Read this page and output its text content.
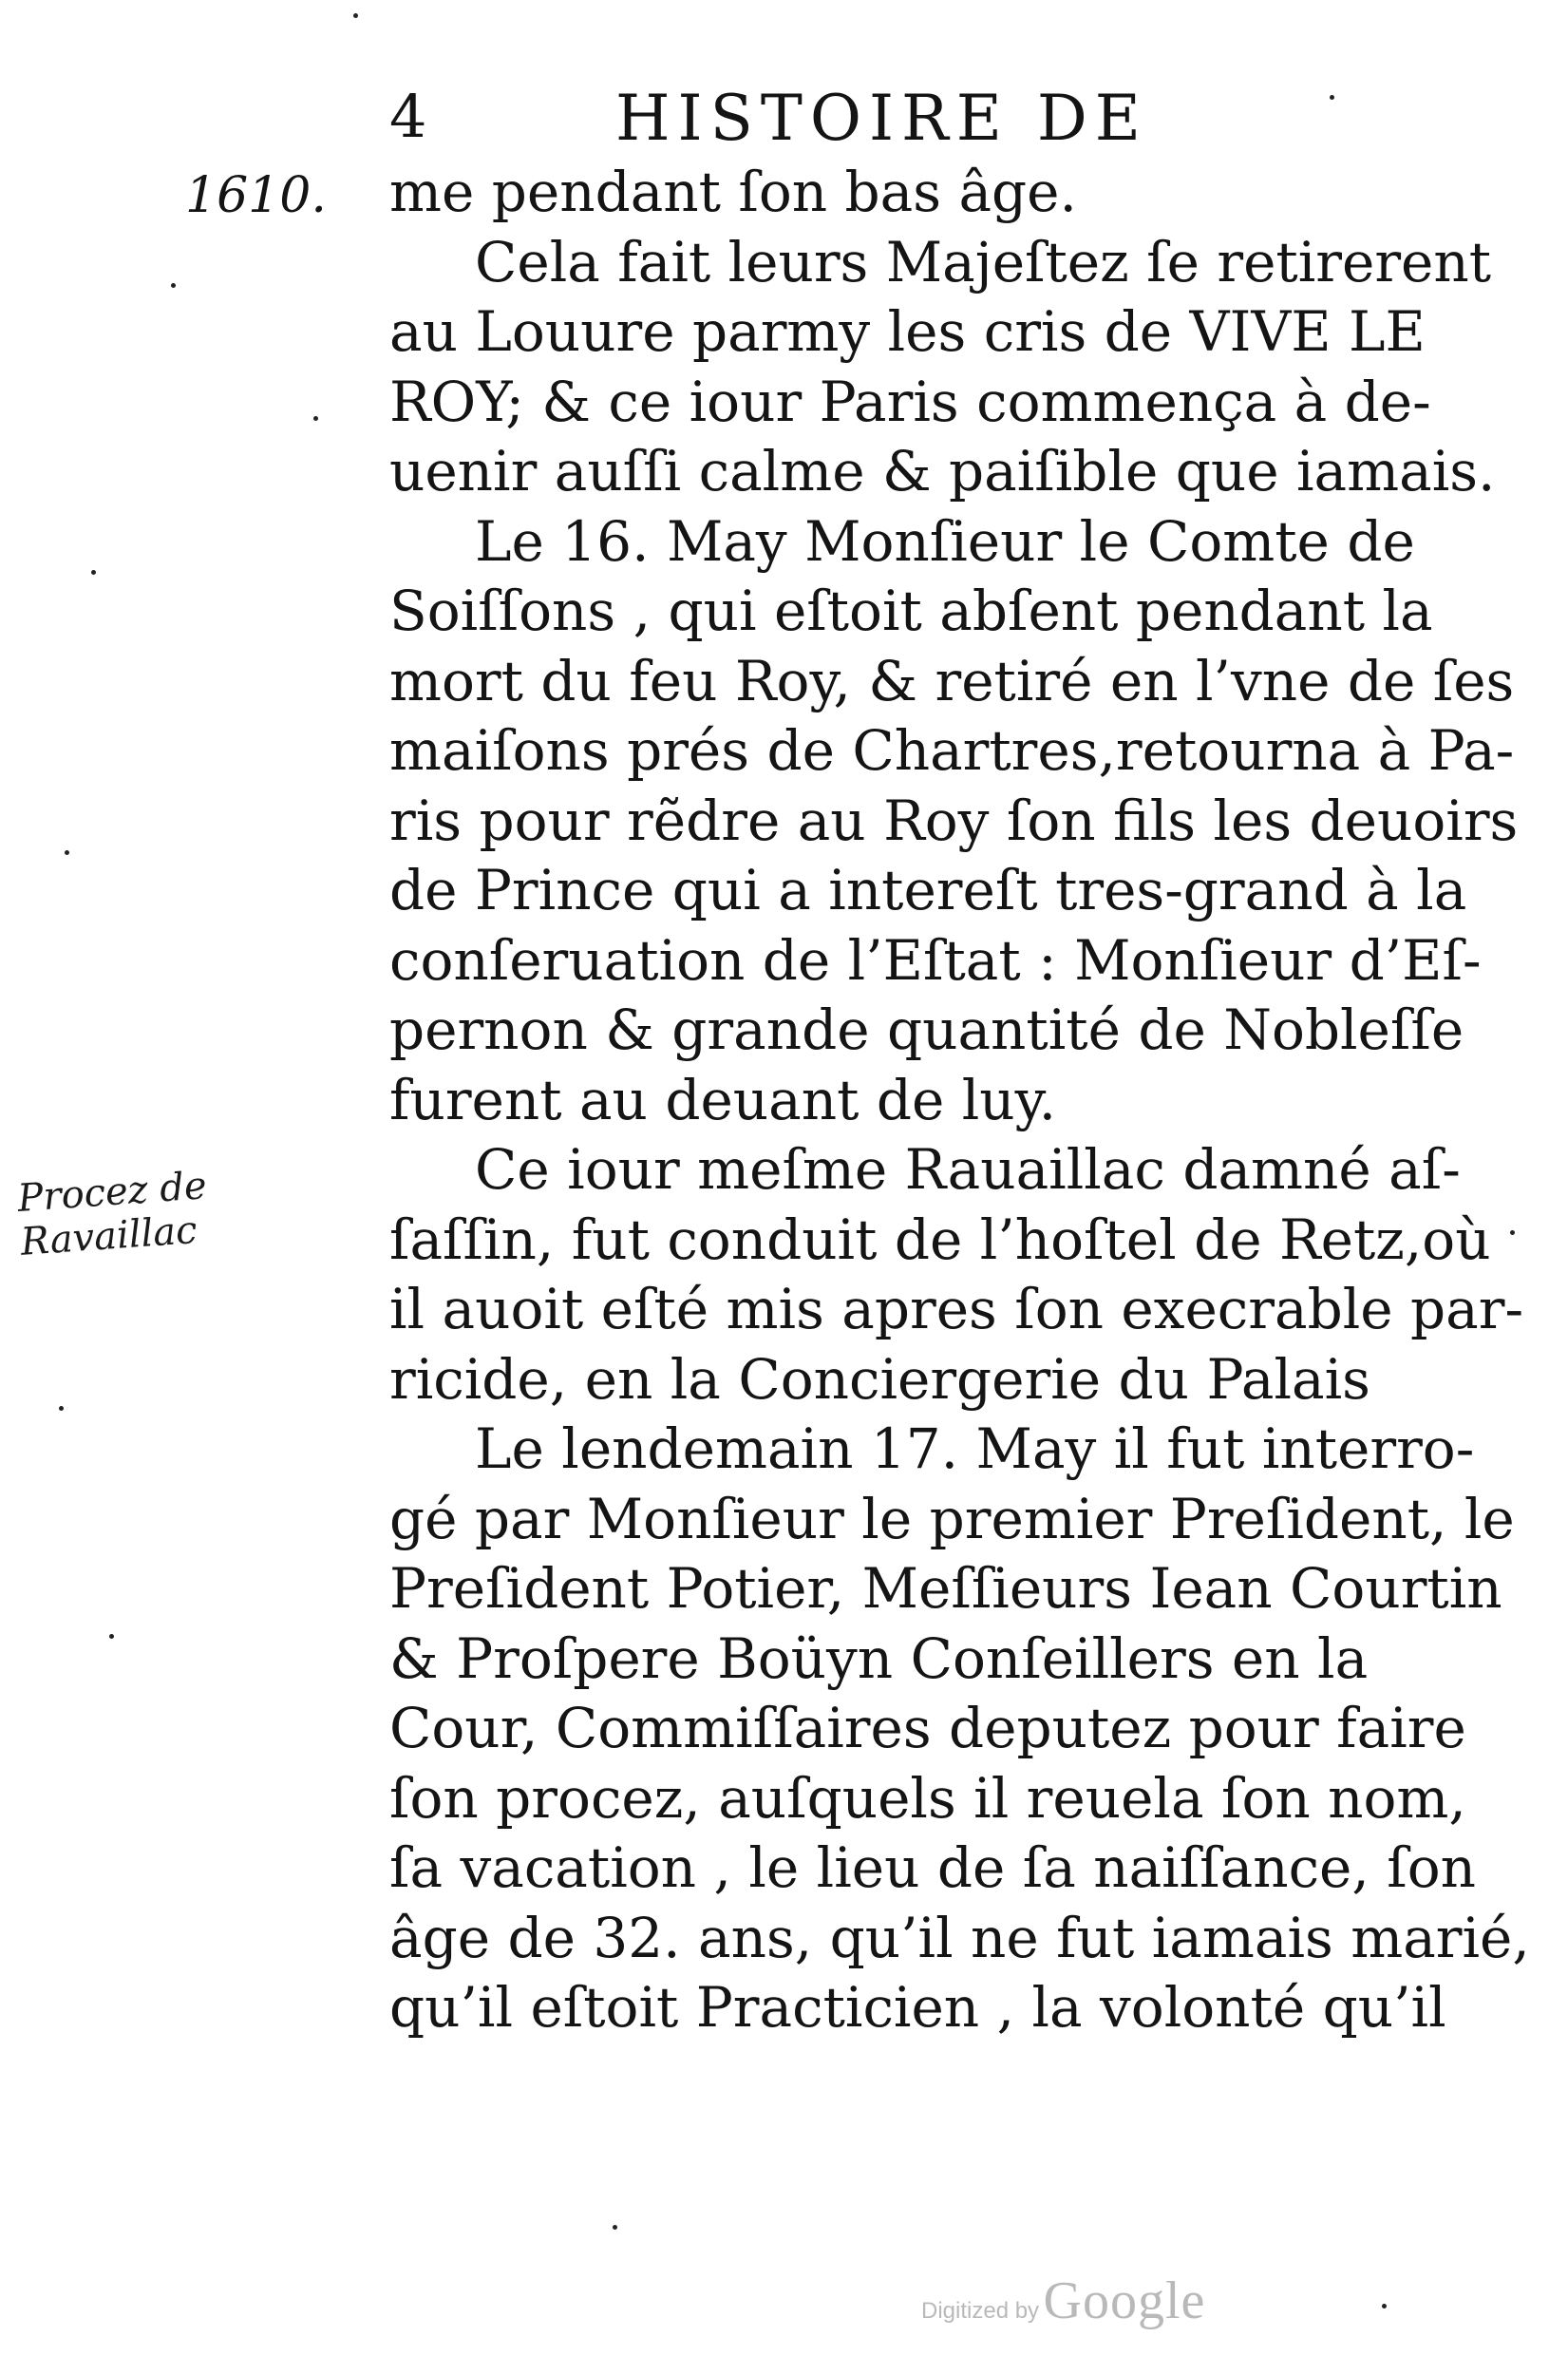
4	HISTOIRE DE
1610.
Procez de
Ravaillac
me pendant ſon bas âge.
Cela fait leurs Majeſtez ſe retirerent
au Louure parmy les cris de VIVE LE
ROY; & ce iour Paris commença à de-
uenir auſſi calme & paiſible que iamais.
Le 16. May Monſieur le Comte de
Soiſſons , qui eſtoit abſent pendant la
mort du feu Roy, & retiré en l’vne de ſes
maiſons prés de Chartres,retourna à Pa-
ris pour rẽdre au Roy ſon fils les deuoirs
de Prince qui a intereſt tres-grand à la
conſeruation de l’Eſtat : Monſieur d’Eſ-
pernon & grande quantité de Nobleſſe
furent au deuant de luy.
Ce iour meſme Rauaillac damné aſ-
ſaſſin, fut conduit de l’hoſtel de Retz,où
il auoit eſté mis apres ſon execrable par-
ricide, en la Conciergerie du Palais
Le lendemain 17. May il fut interro-
gé par Monſieur le premier Preſident, le
Preſident Potier, Meſſieurs Iean Courtin
& Proſpere Boüyn Conſeillers en la
Cour, Commiſſaires deputez pour faire
ſon procez, auſquels il reuela ſon nom,
ſa vacation , le lieu de ſa naiſſance, ſon
âge de 32. ans, qu’il ne fut iamais marié,
qu’il eſtoit Practicien , la volonté qu’il
Digitized by Google
